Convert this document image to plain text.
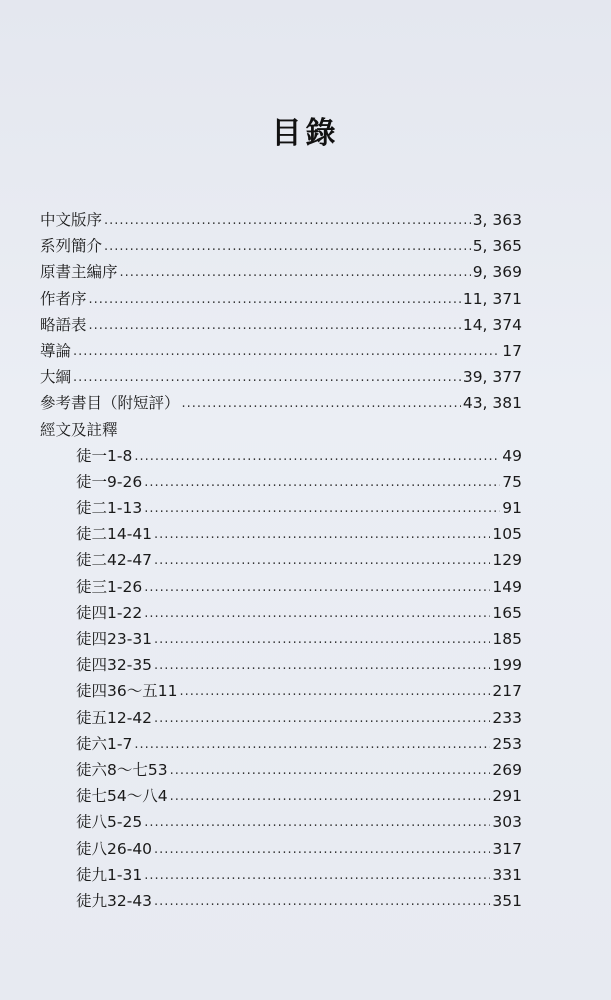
目錄
中文版序 .....	3, 363
系列簡介 .....	5, 365
原書主編序 .....	9, 369
作者序 .....	11, 371
略語表 .....	14, 374
導論 .....	17
大綱 .....	39, 377
參考書目（附短評） .....	43, 381
經文及註釋
徒一1-8 .....	49
徒一9-26 .....	75
徒二1-13 .....	91
徒二14-41 .....	105
徒二42-47 .....	129
徒三1-26 .....	149
徒四1-22 .....	165
徒四23-31 .....	185
徒四32-35 .....	199
徒四36～五11 .....	217
徒五12-42 .....	233
徒六1-7 .....	253
徒六8～七53 .....	269
徒七54～八4 .....	291
徒八5-25 .....	303
徒八26-40 .....	317
徒九1-31 .....	331
徒九32-43 .....	351
